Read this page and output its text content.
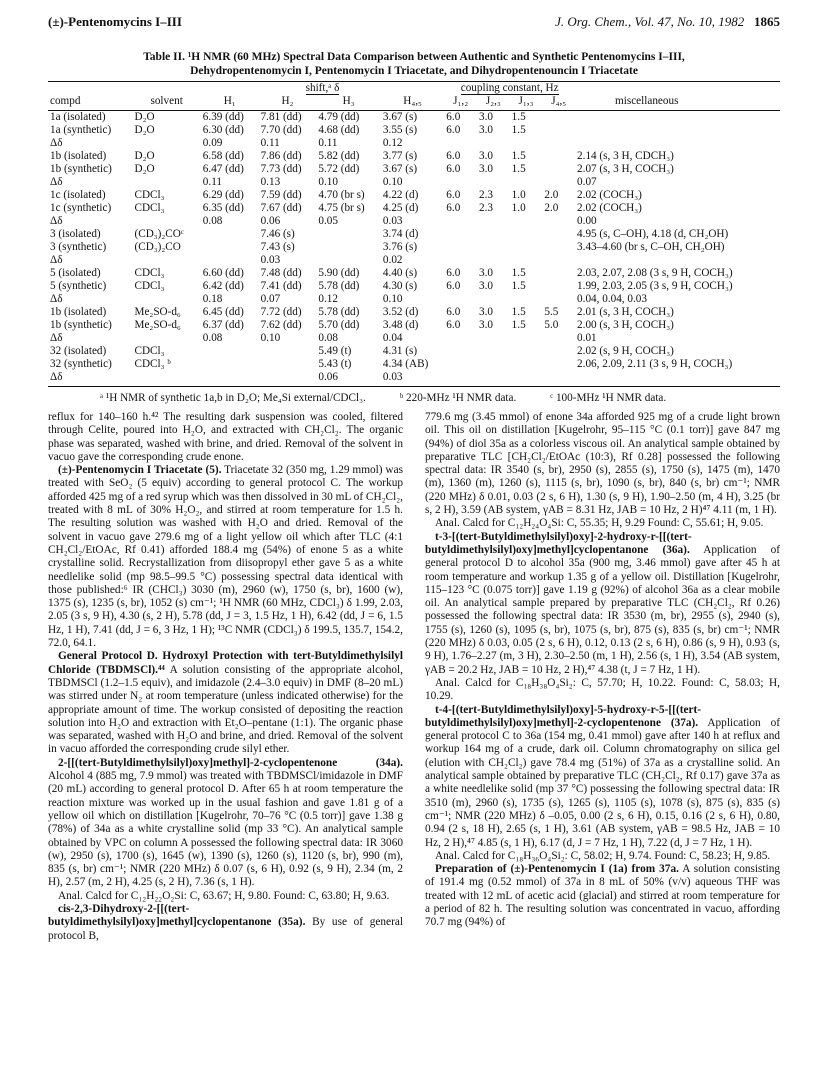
(±)-Pentenomycins I–III	J. Org. Chem., Vol. 47, No. 10, 1982 1865
Table II. ¹H NMR (60 MHz) Spectral Data Comparison between Authentic and Synthetic Pentenomycins I–III, Dehydropentenomycin I, Pentenomycin I Triacetate, and Dihydropentenouncin I Triacetate
		shift,ᵃ δ				coupling constant, Hz				
compd	solvent	H₁	H₂	H₃	H₄,₅	J₁,₂	J₂,₃	J₁,₃	J₄,₅	miscellaneous
1a (isolated)	D₂O	6.39 (dd)	7.81 (dd)	4.79 (dd)	3.67 (s)	6.0	3.0	1.5		
1a (synthetic)	D₂O	6.30 (dd)	7.70 (dd)	4.68 (dd)	3.55 (s)	6.0	3.0	1.5		
Δδ		0.09	0.11	0.11	0.12					
1b (isolated)	D₂O	6.58 (dd)	7.86 (dd)	5.82 (dd)	3.77 (s)	6.0	3.0	1.5		2.14 (s, 3 H, CDCH₃)
1b (synthetic)	D₂O	6.47 (dd)	7.73 (dd)	5.72 (dd)	3.67 (s)	6.0	3.0	1.5		2.07 (s, 3 H, COCH₃)
Δδ		0.11	0.13	0.10	0.10					0.07
1c (isolated)	CDCl₃	6.29 (dd)	7.59 (dd)	4.70 (br s)	4.22 (d)	6.0	2.3	1.0	2.0	2.02 (COCH₃)
1c (synthetic)	CDCl₃	6.35 (dd)	7.67 (dd)	4.75 (br s)	4.25 (d)	6.0	2.3	1.0	2.0	2.02 (COCH₃)
Δδ		0.08	0.06	0.05	0.03					0.00
3 (isolated)	(CD₃)₂COᶜ		7.46 (s)		3.74 (d)					4.95 (s, C–OH), 4.18 (d, CH₂OH)
3 (synthetic)	(CD₃)₂CO		7.43 (s)		3.76 (s)					3.43–4.60 (br s, C–OH, CH₂OH)
Δδ			0.03		0.02					
5 (isolated)	CDCl₃	6.60 (dd)	7.48 (dd)	5.90 (dd)	4.40 (s)	6.0	3.0	1.5		2.03, 2.07, 2.08 (3 s, 9 H, COCH₃)
5 (synthetic)	CDCl₃	6.42 (dd)	7.41 (dd)	5.78 (dd)	4.30 (s)	6.0	3.0	1.5		1.99, 2.03, 2.05 (3 s, 9 H, COCH₃)
Δδ		0.18	0.07	0.12	0.10					0.04, 0.04, 0.03
1b (isolated)	Me₂SO-d₆	6.45 (dd)	7.72 (dd)	5.78 (dd)	3.52 (d)	6.0	3.0	1.5	5.5	2.01 (s, 3 H, COCH₃)
1b (synthetic)	Me₂SO-d₆	6.37 (dd)	7.62 (dd)	5.70 (dd)	3.48 (d)	6.0	3.0	1.5	5.0	2.00 (s, 3 H, COCH₃)
Δδ		0.08	0.10	0.08	0.04					0.01
32 (isolated)	CDCl₃			5.49 (t)	4.31 (s)					2.02 (s, 9 H, COCH₃)
32 (synthetic)	CDCl₃ ᵇ			5.43 (t)	4.34 (AB)					2.06, 2.09, 2.11 (3 s, 9 H, COCH₃)
Δδ				0.06	0.03					
ᵃ ¹H NMR of synthetic 1a,b in D₂O; Me₄Si external/CDCl₃.	ᵇ 220-MHz ¹H NMR data.	ᶜ 100-MHz ¹H NMR data.

reflux for 140–160 h.⁴² The resulting dark suspension was cooled, filtered through Celite, poured into H₂O, and extracted with CH₂Cl₂. The organic phase was separated, washed with brine, and dried. Removal of the solvent in vacuo gave the corresponding crude enone.

(±)-Pentenomycin I Triacetate (5). Triacetate 32 (350 mg, 1.29 mmol) was treated with SeO₂ (5 equiv) according to general protocol C. The workup afforded 425 mg of a red syrup which was then dissolved in 30 mL of CH₂Cl₂, treated with 8 mL of 30% H₂O₂, and stirred at room temperature for 1.5 h. The resulting solution was washed with H₂O and dried. Removal of the solvent in vacuo gave 279.6 mg of a light yellow oil which after TLC (4:1 CH₂Cl₂/EtOAc, Rf 0.41) afforded 188.4 mg (54%) of enone 5 as a white crystalline solid. Recrystallization from diisopropyl ether gave 5 as a white needlelike solid (mp 98.5–99.5 °C) possessing spectral data identical with those published:⁶ IR (CHCl₃) 3030 (m), 2960 (w), 1750 (s, br), 1600 (w), 1375 (s), 1235 (s, br), 1052 (s) cm⁻¹; ¹H NMR (60 MHz, CDCl₃) δ 1.99, 2.03, 2.05 (3 s, 9 H), 4.30 (s, 2 H), 5.78 (dd, J = 3, 1.5 Hz, 1 H), 6.42 (dd, J = 6, 1.5 Hz, 1 H), 7.41 (dd, J = 6, 3 Hz, 1 H); ¹³C NMR (CDCl₃) δ 199.5, 135.7, 154.2, 72.0, 64.1.

General Protocol D. Hydroxyl Protection with tert-Butyldimethylsilyl Chloride (TBDMSCl).⁴⁴ A solution consisting of the appropriate alcohol, TBDMSCl (1.2–1.5 equiv), and imidazole (2.4–3.0 equiv) in DMF (8–20 mL) was stirred under N₂ at room temperature (unless indicated otherwise) for the appropriate amount of time. The workup consisted of depositing the reaction solution into H₂O and extraction with Et₂O–pentane (1:1). The organic phase was separated, washed with H₂O and brine, and dried. Removal of the solvent in vacuo afforded the corresponding crude silyl ether.

2-[[(tert-Butyldimethylsilyl)oxy]methyl]-2-cyclopentenone (34a). Alcohol 4 (885 mg, 7.9 mmol) was treated with TBDMSCl/imidazole in DMF (20 mL) according to general protocol D. After 65 h at room temperature the reaction mixture was worked up in the usual fashion and gave 1.81 g of a yellow oil which on distillation [Kugelrohr, 70–76 °C (0.5 torr)] gave 1.38 g (78%) of 34a as a white crystalline solid (mp 33 °C). An analytical sample obtained by VPC on column A possessed the following spectral data: IR 3060 (w), 2950 (s), 1700 (s), 1645 (w), 1390 (s), 1260 (s), 1120 (s, br), 990 (m), 835 (s, br) cm⁻¹; NMR (220 MHz) δ 0.07 (s, 6 H), 0.92 (s, 9 H), 2.34 (m, 2 H), 2.57 (m, 2 H), 4.25 (s, 2 H), 7.36 (s, 1 H).

Anal. Calcd for C₁₂H₂₂O₂Si: C, 63.67; H, 9.80. Found: C, 63.80; H, 9.63.

cis-2,3-Dihydroxy-2-[[(tert-butyldimethylsilyl)oxy]methyl]cyclopentanone (35a). By use of general protocol B,

779.6 mg (3.45 mmol) of enone 34a afforded 925 mg of a crude light brown oil. This oil on distillation [Kugelrohr, 95–115 °C (0.1 torr)] gave 847 mg (94%) of diol 35a as a colorless viscous oil. An analytical sample obtained by preparative TLC [CH₂Cl₂/EtOAc (10:3), Rf 0.28] possessed the following spectral data: IR 3540 (s, br), 2950 (s), 2855 (s), 1750 (s), 1475 (m), 1470 (m), 1360 (m), 1260 (s), 1115 (s, br), 1090 (s, br), 840 (s, br) cm⁻¹; NMR (220 MHz) δ 0.01, 0.03 (2 s, 6 H), 1.30 (s, 9 H), 1.90–2.50 (m, 4 H), 3.25 (br s, 2 H), 3.59 (AB system, γAB = 8.31 Hz, JAB = 10 Hz, 2 H)⁴⁷ 4.11 (m, 1 H).

Anal. Calcd for C₁₂H₂₄O₄Si: C, 55.35; H, 9.29 Found: C, 55.61; H, 9.05.

t-3-[(tert-Butyldimethylsilyl)oxy]-2-hydroxy-r-[[(tert-butyldimethylsilyl)oxy]methyl]cyclopentanone (36a). Application of general protocol D to alcohol 35a (900 mg, 3.46 mmol) gave after 45 h at room temperature and workup 1.35 g of a yellow oil. Distillation [Kugelrohr, 115–123 °C (0.075 torr)] gave 1.19 g (92%) of alcohol 36a as a clear mobile oil. An analytical sample prepared by preparative TLC (CH₂Cl₂, Rf 0.26) possessed the following spectral data: IR 3530 (m, br), 2955 (s), 2940 (s), 1755 (s), 1260 (s), 1095 (s, br), 1075 (s, br), 875 (s), 835 (s, br) cm⁻¹; NMR (220 MHz) δ 0.03, 0.05 (2 s, 6 H), 0.12, 0.13 (2 s, 6 H), 0.86 (s, 9 H), 0.93 (s, 9 H), 1.76–2.27 (m, 3 H), 2.30–2.50 (m, 1 H), 2.56 (s, 1 H), 3.54 (AB system, γAB = 20.2 Hz, JAB = 10 Hz, 2 H),⁴⁷ 4.38 (t, J = 7 Hz, 1 H).

Anal. Calcd for C₁₈H₃₈O₄Si₂: C, 57.70; H, 10.22. Found: C, 58.03; H, 10.29.

t-4-[(tert-Butyldimethylsilyl)oxy]-5-hydroxy-r-5-[[(tert-butyldimethylsilyl)oxy]methyl]-2-cyclopentenone (37a). Application of general protocol C to 36a (154 mg, 0.41 mmol) gave after 140 h at reflux and workup 164 mg of a crude, dark oil. Column chromatography on silica gel (elution with CH₂Cl₂) gave 78.4 mg (51%) of 37a as a crystalline solid. An analytical sample obtained by preparative TLC (CH₂Cl₂, Rf 0.17) gave 37a as a white needlelike solid (mp 37 °C) possessing the following spectral data: IR 3510 (m), 2960 (s), 1735 (s), 1265 (s), 1105 (s), 1078 (s), 875 (s), 835 (s) cm⁻¹; NMR (220 MHz) δ –0.05, 0.00 (2 s, 6 H), 0.15, 0.16 (2 s, 6 H), 0.80, 0.94 (2 s, 18 H), 2.65 (s, 1 H), 3.61 (AB system, γAB = 98.5 Hz, JAB = 10 Hz, 2 H),⁴⁷ 4.85 (s, 1 H), 6.17 (d, J = 7 Hz, 1 H), 7.22 (d, J = 7 Hz, 1 H).

Anal. Calcd for C₁₈H₃₆O₄Si₂: C, 58.02; H, 9.74. Found: C, 58.23; H, 9.85.

Preparation of (±)-Pentenomycin I (1a) from 37a. A solution consisting of 191.4 mg (0.52 mmol) of 37a in 8 mL of 50% (v/v) aqueous THF was treated with 12 mL of acetic acid (glacial) and stirred at room temperature for a period of 82 h. The resulting solution was concentrated in vacuo, affording 70.7 mg (94%) of
